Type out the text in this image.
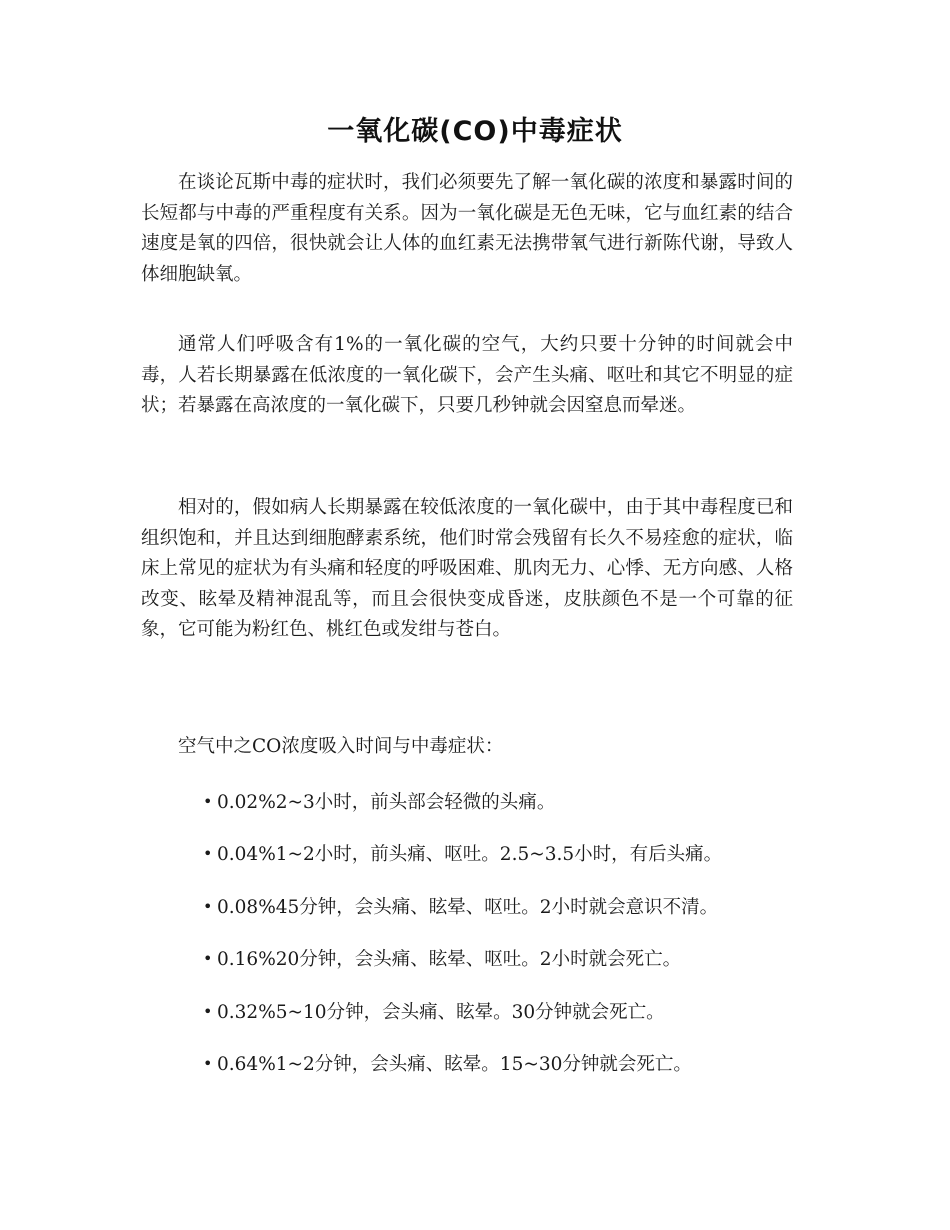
一氧化碳(CO)中毒症状

在谈论瓦斯中毒的症状时，我们必须要先了解一氧化碳的浓度和暴露时间的长短都与中毒的严重程度有关系。因为一氧化碳是无色无味，它与血红素的结合速度是氧的四倍，很快就会让人体的血红素无法携带氧气进行新陈代谢，导致人体细胞缺氧。

通常人们呼吸含有1%的一氧化碳的空气，大约只要十分钟的时间就会中毒，人若长期暴露在低浓度的一氧化碳下，会产生头痛、呕吐和其它不明显的症状；若暴露在高浓度的一氧化碳下，只要几秒钟就会因窒息而晕迷。

相对的，假如病人长期暴露在较低浓度的一氧化碳中，由于其中毒程度已和组织饱和，并且达到细胞酵素系统，他们时常会残留有长久不易痊愈的症状，临床上常见的症状为有头痛和轻度的呼吸困难、肌肉无力、心悸、无方向感、人格改变、眩晕及精神混乱等，而且会很快变成昏迷，皮肤颜色不是一个可靠的征象，它可能为粉红色、桃红色或发绀与苍白。

空气中之CO浓度吸入时间与中毒症状：

• 0.02%2~3小时，前头部会轻微的头痛。
• 0.04%1~2小时，前头痛、呕吐。2.5~3.5小时，有后头痛。
• 0.08%45分钟，会头痛、眩晕、呕吐。2小时就会意识不清。
• 0.16%20分钟，会头痛、眩晕、呕吐。2小时就会死亡。
• 0.32%5~10分钟，会头痛、眩晕。30分钟就会死亡。
• 0.64%1~2分钟，会头痛、眩晕。15~30分钟就会死亡。
